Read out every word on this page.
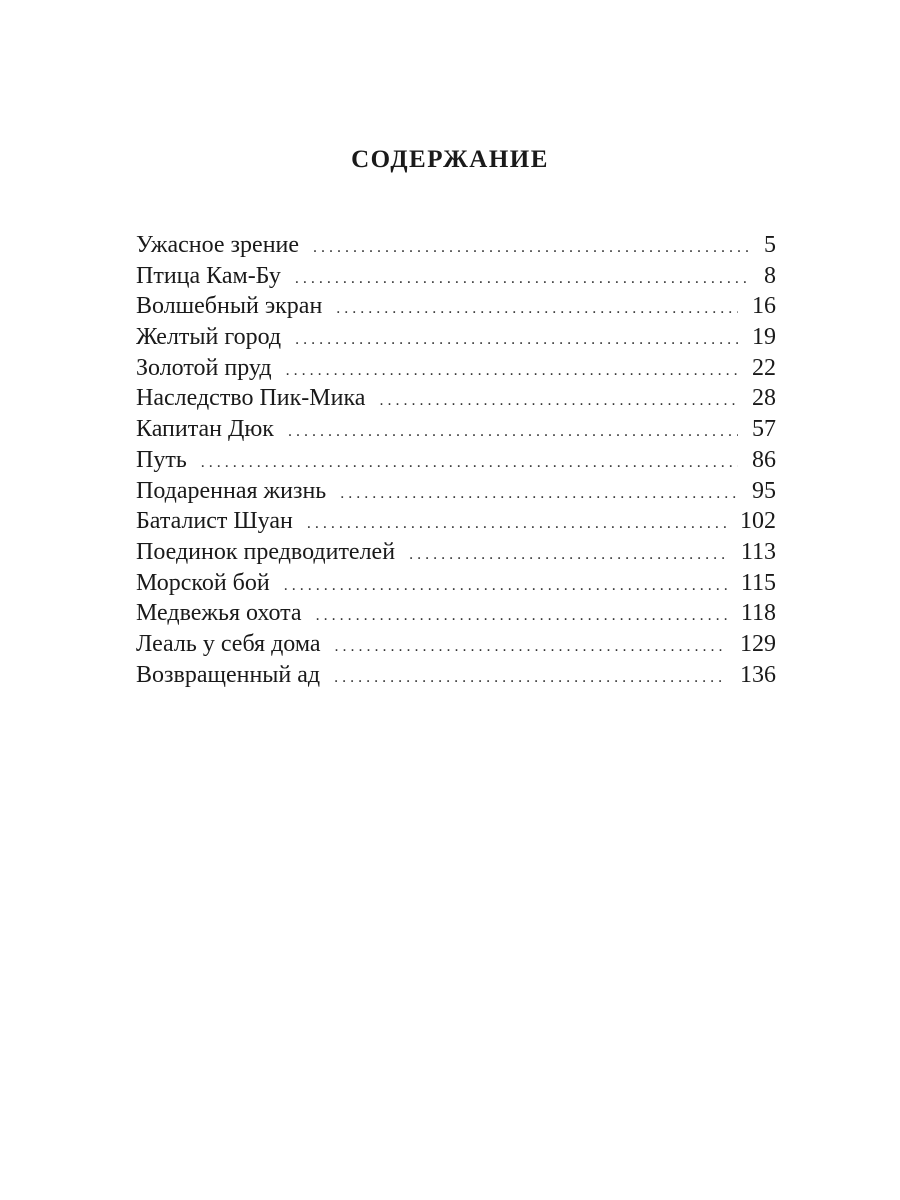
СОДЕРЖАНИЕ
Ужасное зрение . . .	5
Птица Кам-Бу . . .	8
Волшебный экран . . .	16
Желтый город . . .	19
Золотой пруд . . .	22
Наследство Пик-Мика . . .	28
Капитан Дюк . . .	57
Путь . . .	86
Подаренная жизнь . . .	95
Баталист Шуан . . .	102
Поединок предводителей . . .	113
Морской бой . . .	115
Медвежья охота . . .	118
Леаль у себя дома . . .	129
Возвращенный ад . . .	136
